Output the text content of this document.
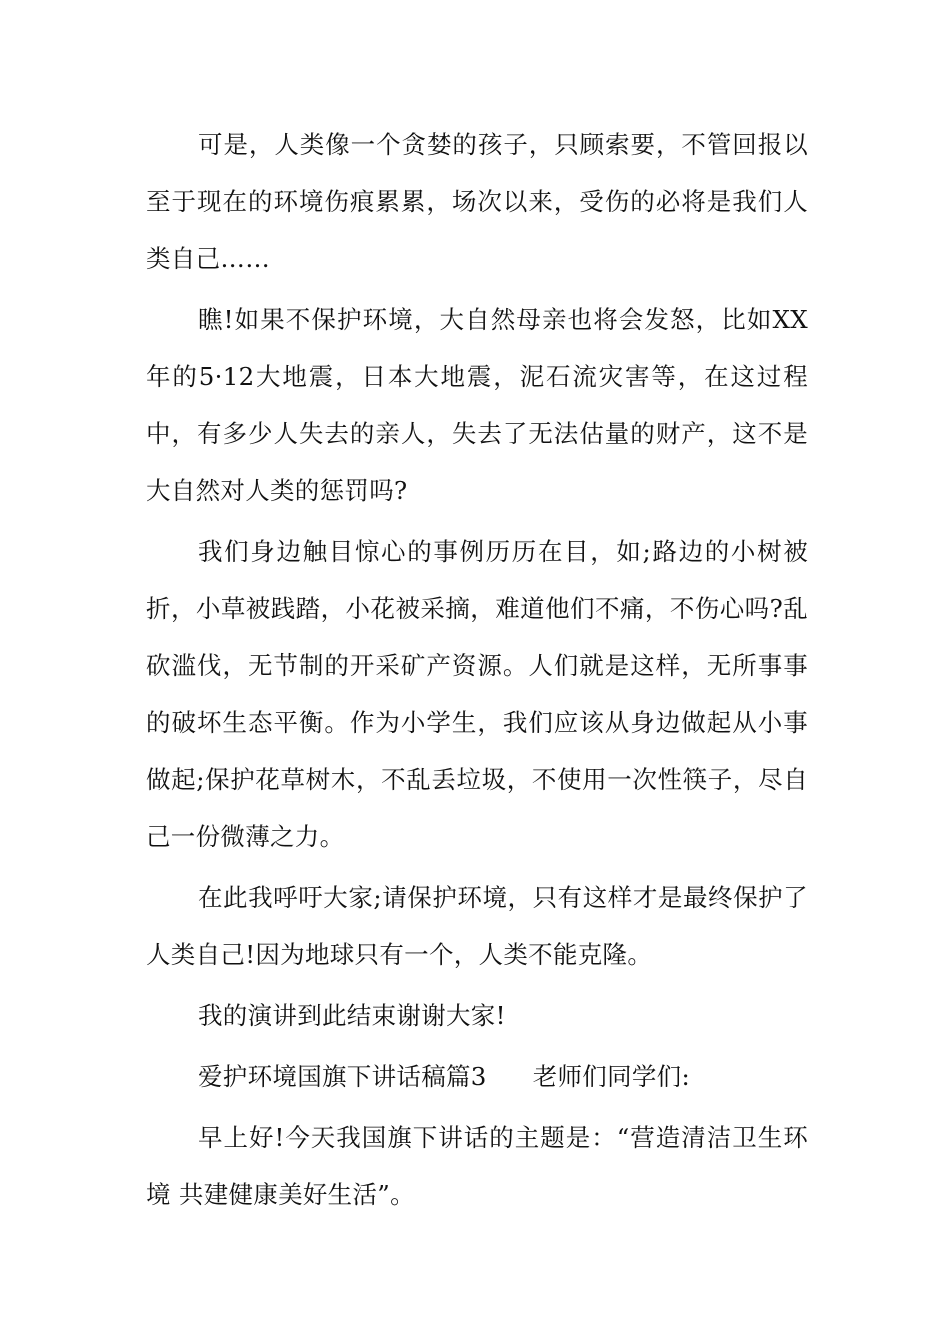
可是，人类像一个贪婪的孩子，只顾索要，不管回报以至于现在的环境伤痕累累，场次以来，受伤的必将是我们人类自己……

瞧!如果不保护环境，大自然母亲也将会发怒，比如XX年的5·12大地震，日本大地震，泥石流灾害等，在这过程中，有多少人失去的亲人，失去了无法估量的财产，这不是大自然对人类的惩罚吗?

我们身边触目惊心的事例历历在目，如;路边的小树被折，小草被践踏，小花被采摘，难道他们不痛，不伤心吗?乱砍滥伐，无节制的开采矿产资源。人们就是这样，无所事事的破坏生态平衡。作为小学生，我们应该从身边做起从小事做起;保护花草树木，不乱丢垃圾，不使用一次性筷子，尽自己一份微薄之力。

在此我呼吁大家;请保护环境，只有这样才是最终保护了人类自己!因为地球只有一个，人类不能克隆。

我的演讲到此结束谢谢大家!

爱护环境国旗下讲话稿篇3 老师们同学们:

早上好!今天我国旗下讲话的主题是：“营造清洁卫生环境 共建健康美好生活”。
